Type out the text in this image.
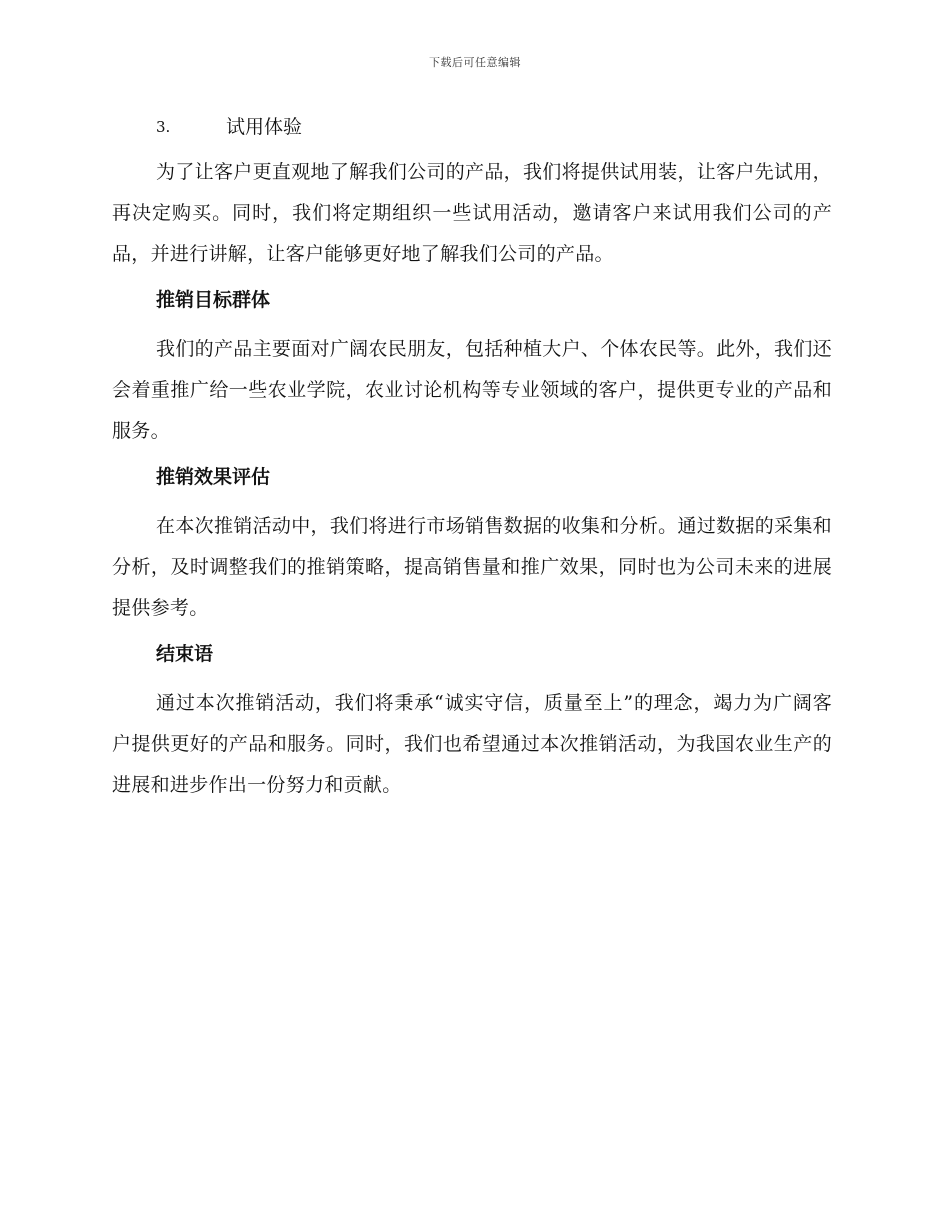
下载后可任意编辑
3.	试用体验

为了让客户更直观地了解我们公司的产品，我们将提供试用装，让客户先试用，再决定购买。同时，我们将定期组织一些试用活动，邀请客户来试用我们公司的产品，并进行讲解，让客户能够更好地了解我们公司的产品。

推销目标群体

我们的产品主要面对广阔农民朋友，包括种植大户、个体农民等。此外，我们还会着重推广给一些农业学院，农业讨论机构等专业领域的客户，提供更专业的产品和服务。

推销效果评估

在本次推销活动中，我们将进行市场销售数据的收集和分析。通过数据的采集和分析，及时调整我们的推销策略，提高销售量和推广效果，同时也为公司未来的进展提供参考。

结束语

通过本次推销活动，我们将秉承“诚实守信，质量至上”的理念，竭力为广阔客户提供更好的产品和服务。同时，我们也希望通过本次推销活动，为我国农业生产的进展和进步作出一份努力和贡献。
